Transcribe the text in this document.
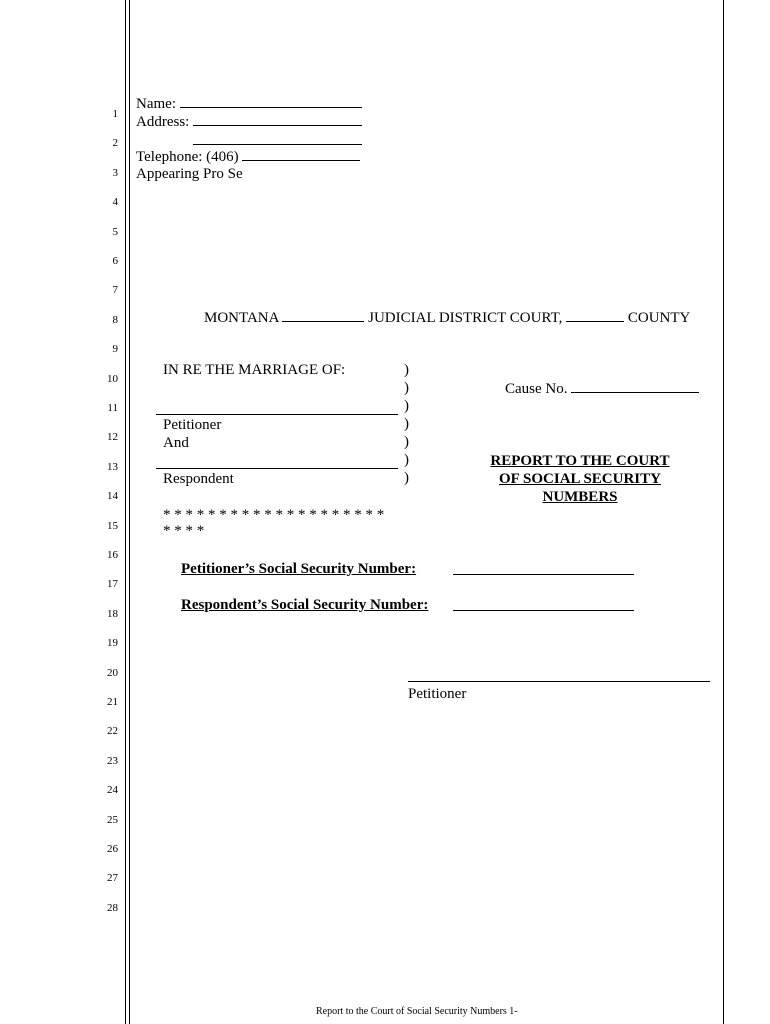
1
2
3
4
5
6
7
8
9
10
11
12
13
14
15
16
17
18
19
20
21
22
23
24
25
26
27
28
Name:
Address:
Telephone: (406)
Appearing Pro Se
MONTANA	JUDICIAL DISTRICT COURT,	COUNTY
IN RE THE MARRIAGE OF:
Petitioner
And
Respondent
)
)
)
)
)
)
)
* * * * * * * * * * * * * * * * * * * *
* * * *
Cause No.
REPORT TO THE COURT
OF SOCIAL SECURITY
NUMBERS
Petitioner’s Social Security Number:
Respondent’s Social Security Number:
Petitioner
Report to the Court of Social Security Numbers 1-
